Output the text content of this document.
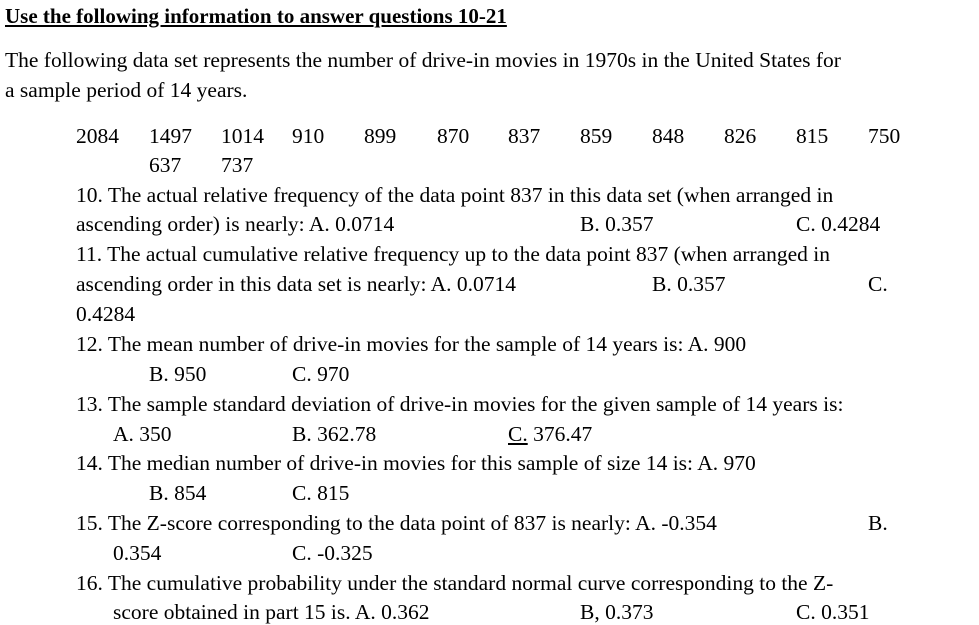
Use the following information to answer questions 10-21
The following data set represents the number of drive-in movies in 1970s in the United States for
a sample period of 14 years.
2084 1497 1014 910 899 870 837 859 848 826 815 750
637 737
10. The actual relative frequency of the data point 837 in this data set (when arranged in
ascending order) is nearly: A. 0.0714	B. 0.357	C. 0.4284
11. The actual cumulative relative frequency up to the data point 837 (when arranged in
ascending order in this data set is nearly: A. 0.0714	B. 0.357	C.
0.4284
12. The mean number of drive-in movies for the sample of 14 years is: A. 900
B. 950	C. 970
13. The sample standard deviation of drive-in movies for the given sample of 14 years is:
A. 350	B. 362.78	C. 376.47
14. The median number of drive-in movies for this sample of size 14 is: A. 970
B. 854	C. 815
15. The Z-score corresponding to the data point of 837 is nearly: A. -0.354	B.
0.354	C. -0.325
16. The cumulative probability under the standard normal curve corresponding to the Z-
score obtained in part 15 is. A. 0.362	B, 0.373	C. 0.351
